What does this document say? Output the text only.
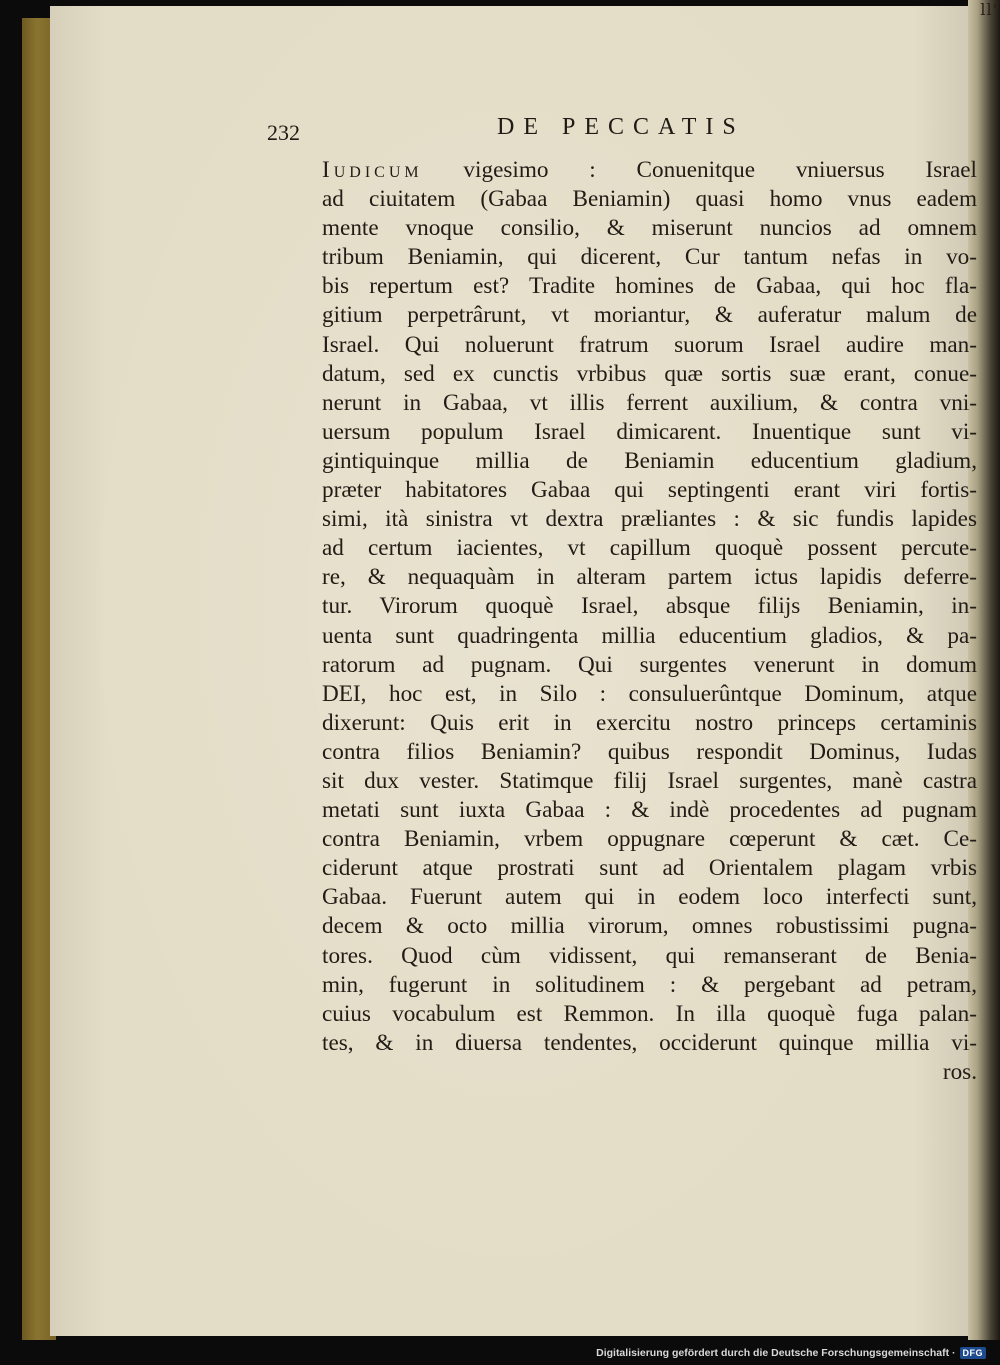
ll'
232	DE PECCATIS
Iudicum vigesimo : Conuenitque vniuersus Israel
ad ciuitatem (Gabaa Beniamin) quasi homo vnus eadem
mente vnoque consilio, & miserunt nuncios ad omnem
tribum Beniamin, qui dicerent, Cur tantum nefas in vo-
bis repertum est? Tradite homines de Gabaa, qui hoc fla-
gitium perpetrârunt, vt moriantur, & auferatur malum de
Israel. Qui noluerunt fratrum suorum Israel audire man-
datum, sed ex cunctis vrbibus quæ sortis suæ erant, conue-
nerunt in Gabaa, vt illis ferrent auxilium, & contra vni-
uersum populum Israel dimicarent. Inuentique sunt vi-
gintiquinque millia de Beniamin educentium gladium,
præter habitatores Gabaa qui septingenti erant viri fortis-
simi, ità sinistra vt dextra præliantes : & sic fundis lapides
ad certum iacientes, vt capillum quoquè possent percute-
re, & nequaquàm in alteram partem ictus lapidis deferre-
tur. Virorum quoquè Israel, absque filijs Beniamin, in-
uenta sunt quadringenta millia educentium gladios, & pa-
ratorum ad pugnam. Qui surgentes venerunt in domum
DEI, hoc est, in Silo : consuluerûntque Dominum, atque
dixerunt: Quis erit in exercitu nostro princeps certaminis
contra filios Beniamin? quibus respondit Dominus, Iudas
sit dux vester. Statimque filij Israel surgentes, manè castra
metati sunt iuxta Gabaa : & indè procedentes ad pugnam
contra Beniamin, vrbem oppugnare cœperunt & cæt. Ce-
ciderunt atque prostrati sunt ad Orientalem plagam vrbis
Gabaa. Fuerunt autem qui in eodem loco interfecti sunt,
decem & octo millia virorum, omnes robustissimi pugna-
tores. Quod cùm vidissent, qui remanserant de Benia-
min, fugerunt in solitudinem : & pergebant ad petram,
cuius vocabulum est Remmon. In illa quoquè fuga palan-
tes, & in diuersa tendentes, occiderunt quinque millia vi-
ros.
Digitalisierung gefördert durch die Deutsche Forschungsgemeinschaft · DFG
